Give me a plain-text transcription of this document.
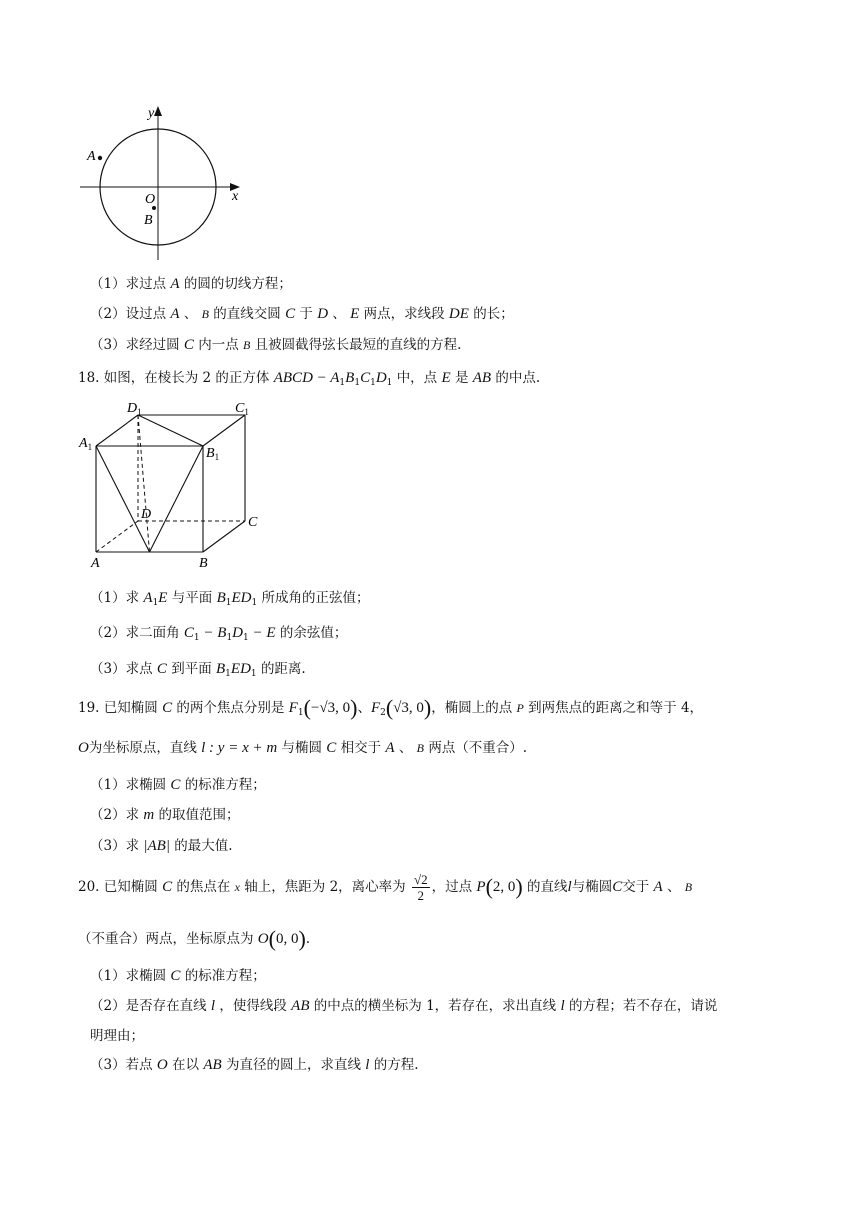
y
x
A
O
B
（1）求过点 A 的圆的切线方程；
（2）设过点 A 、 B 的直线交圆 C 于 D 、 E 两点，求线段 DE 的长；
（3）求经过圆 C 内一点 B 且被圆截得弦长最短的直线的方程.
18. 如图，在棱长为 2 的正方体 ABCD − $A_1B_1C_1D_1$ 中，点 E 是 AB 的中点.
$D_1$	$C_1$
$A_1$	$B_1$
D
C
A	B
（1）求 $A_1E$ 与平面 $B_1ED_1$ 所成角的正弦值；
（2）求二面角 $C_1 - B_1D_1 - E$ 的余弦值；
（3）求点 C 到平面 $B_1ED_1$ 的距离.
19. 已知椭圆 C 的两个焦点分别是 $F_1(-√3$, 0)、$F_2(√3$, 0)，椭圆上的点 P 到两焦点的距离之和等于 4，
O为坐标原点，直线 l : y = x + m 与椭圆 C 相交于 A 、 B 两点（不重合）.
（1）求椭圆 C 的标准方程；
（2）求 m 的取值范围；
（3）求 |AB| 的最大值.
20. 已知椭圆 C 的焦点在 x 轴上，焦距为 2，离心率为 $\frac{√2}{2}$ ，过点 P(2, 0) 的直线l与椭圆C交于 A 、 B
（不重合）两点，坐标原点为 O(0, 0).
（1）求椭圆 C 的标准方程；
（2）是否存在直线 l ，使得线段 AB 的中点的横坐标为 1，若存在，求出直线 l 的方程；若不存在，请说
明理由；
（3）若点 O 在以 AB 为直径的圆上，求直线 l 的方程.
